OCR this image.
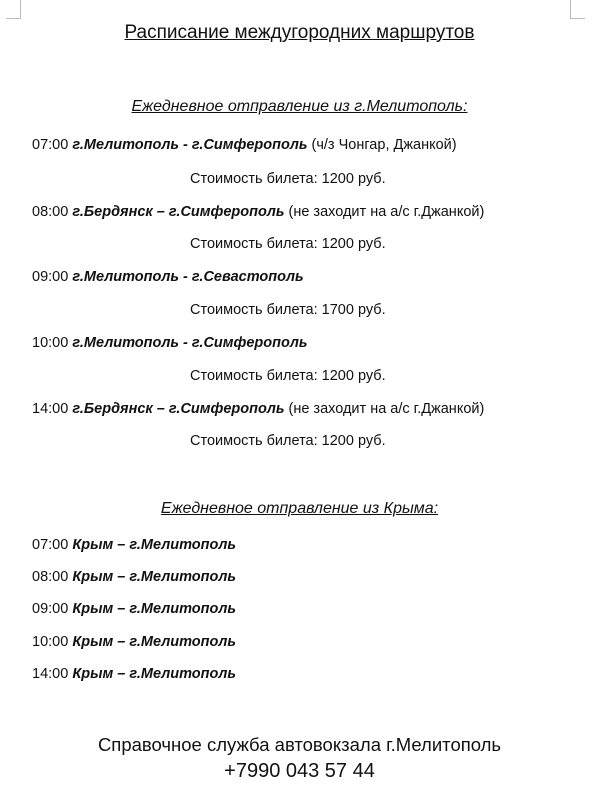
Расписание междугородних маршрутов
Ежедневное отправление из г.Мелитополь:
07:00 г.Мелитополь - г.Симферополь (ч/з Чонгар, Джанкой)
Стоимость билета: 1200 руб.
08:00 г.Бердянск – г.Симферополь (не заходит на а/с г.Джанкой)
Стоимость билета: 1200 руб.
09:00 г.Мелитополь - г.Севастополь
Стоимость билета: 1700 руб.
10:00 г.Мелитополь - г.Симферополь
Стоимость билета: 1200 руб.
14:00 г.Бердянск – г.Симферополь (не заходит на а/с г.Джанкой)
Стоимость билета: 1200 руб.
Ежедневное отправление из Крыма:
07:00 Крым – г.Мелитополь
08:00 Крым – г.Мелитополь
09:00 Крым – г.Мелитополь
10:00 Крым – г.Мелитополь
14:00 Крым – г.Мелитополь
Справочное служба автовокзала г.Мелитополь
+7990 043 57 44
